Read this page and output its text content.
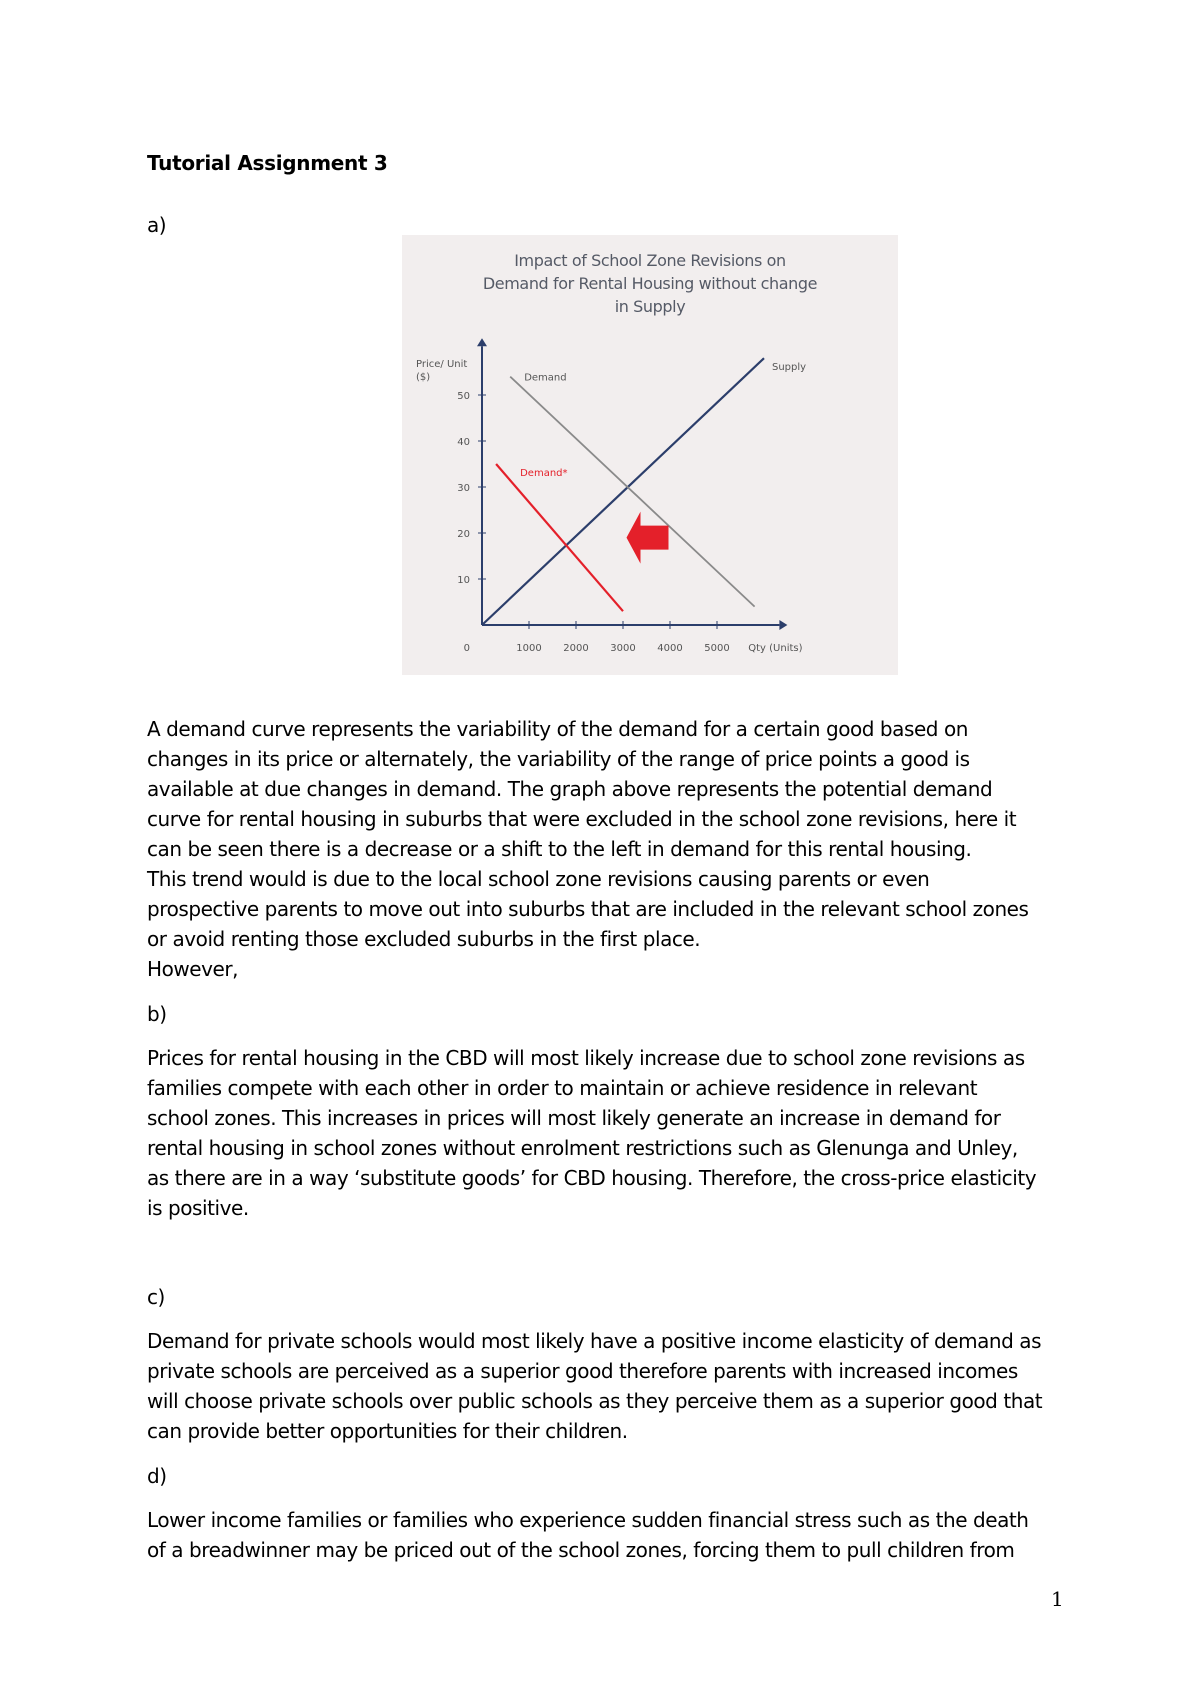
Tutorial Assignment 3
a)
Impact of School Zone Revisions on
Demand for Rental Housing without change
in Supply
1000 2000 3000 4000 5000
10
20
30
40
50
0	Qty (Units)
Price/ Unit
($)
Supply
Demand
Demand*
A demand curve represents the variability of the demand for a certain good based on
changes in its price or alternately, the variability of the range of price points a good is
available at due changes in demand. The graph above represents the potential demand
curve for rental housing in suburbs that were excluded in the school zone revisions, here it
can be seen there is a decrease or a shift to the left in demand for this rental housing.
This trend would is due to the local school zone revisions causing parents or even
prospective parents to move out into suburbs that are included in the relevant school zones
or avoid renting those excluded suburbs in the first place.
However,
b)
Prices for rental housing in the CBD will most likely increase due to school zone revisions as
families compete with each other in order to maintain or achieve residence in relevant
school zones. This increases in prices will most likely generate an increase in demand for
rental housing in school zones without enrolment restrictions such as Glenunga and Unley,
as there are in a way ‘substitute goods’ for CBD housing. Therefore, the cross-price elasticity
is positive.
c)
Demand for private schools would most likely have a positive income elasticity of demand as
private schools are perceived as a superior good therefore parents with increased incomes
will choose private schools over public schools as they perceive them as a superior good that
can provide better opportunities for their children.
d)
Lower income families or families who experience sudden financial stress such as the death
of a breadwinner may be priced out of the school zones, forcing them to pull children from
1
